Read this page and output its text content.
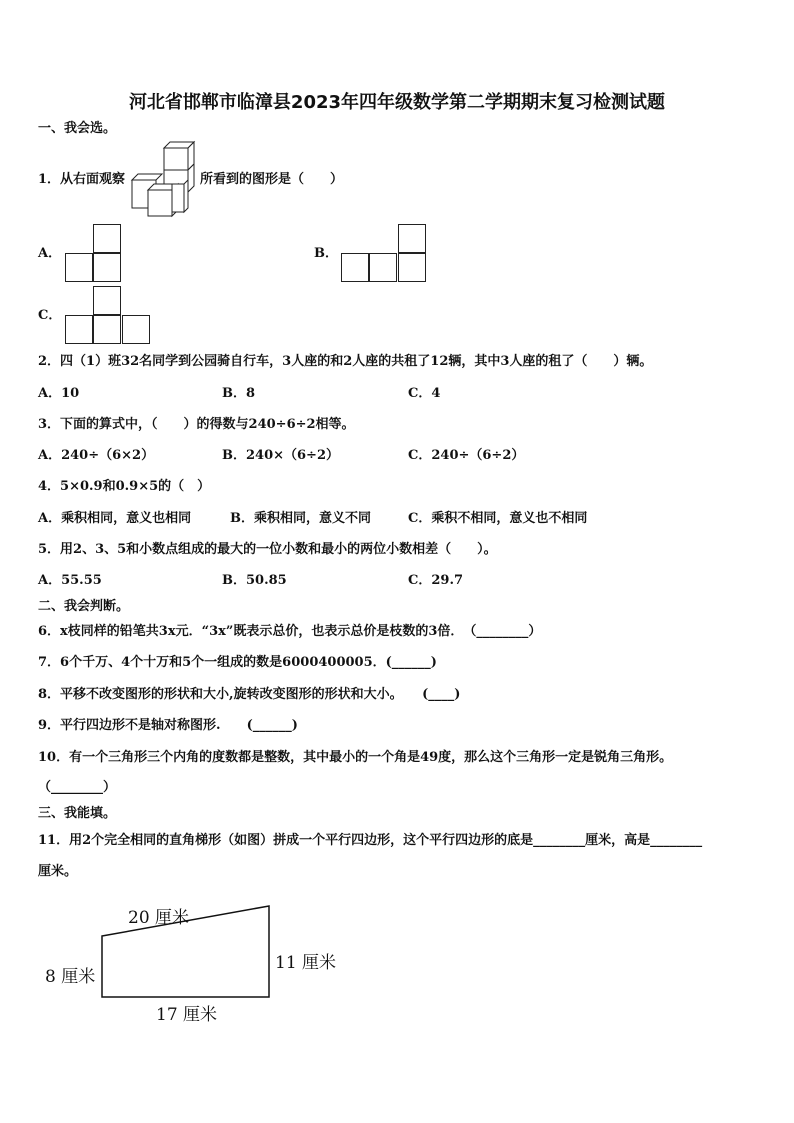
河北省邯郸市临漳县2023年四年级数学第二学期期末复习检测试题
一、我会选。
1．从右面观察	所看到的图形是（　　）
A．	B．
C．
2．四（1）班32名同学到公园骑自行车，3人座的和2人座的共租了12辆，其中3人座的租了（　　）辆。
A．10	B．8	C．4
3．下面的算式中，（　　）的得数与240÷6÷2相等。
A．240÷（6×2）	B．240×（6÷2）	C．240÷（6÷2）
4．5×0.9和0.9×5的（　）
A．乘积相同，意义也相同	B．乘积相同，意义不同	C．乘积不相同，意义也不相同
5．用2、3、5和小数点组成的最大的一位小数和最小的两位小数相差（　　）。
A．55.55	B．50.85	C．29.7
二、我会判断。
6．x枝同样的铅笔共3x元．“3x”既表示总价，也表示总价是枝数的3倍．　（________）
7．6个千万、4个十万和5个一组成的数是6000400005．(______)
8．平移不改变图形的形状和大小,旋转改变图形的形状和大小。　　(____)
9．平行四边形不是轴对称图形.　　(______)
10．有一个三角形三个内角的度数都是整数，其中最小的一个角是49度，那么这个三角形一定是锐角三角形。
（________）
三、我能填。
11．用2个完全相同的直角梯形（如图）拼成一个平行四边形，这个平行四边形的底是________厘米，高是________
厘米。
20 厘米
8 厘米
11 厘米
17 厘米
